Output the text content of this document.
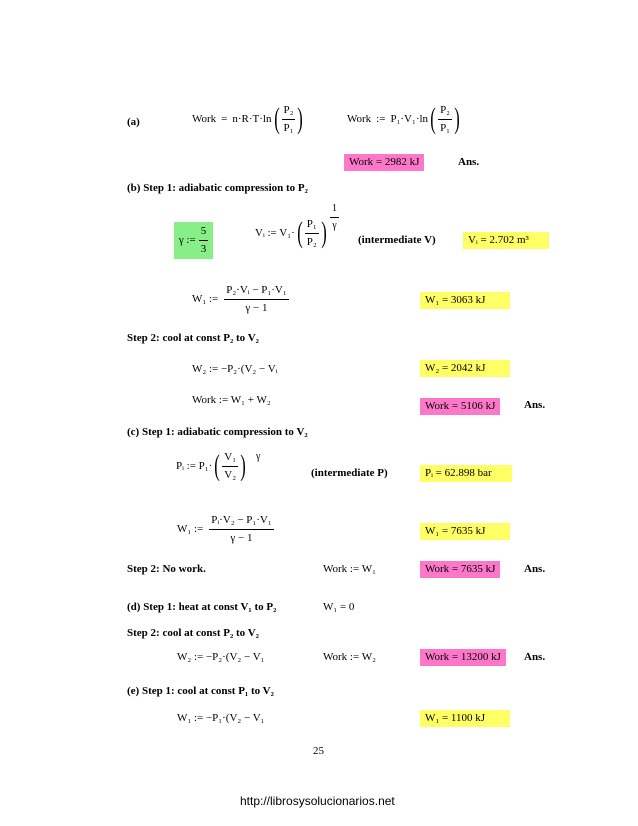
(a)	Work = n·R·T·ln ( $\frac{\text{P₂}}{\text{P₁}}$ )	Work := P₁·V₁·ln ( $\frac{\text{P₂}}{\text{P₁}}$ )
Work = 2982 kJ	Ans.
(b) Step 1: adiabatic compression to P₂
γ := $\frac{5}{3}$	Vᵢ := V₁· ( $\frac{\text{P₁}}{\text{P₂}}$ ) $\frac{1}{\gamma}$
(intermediate V)	Vᵢ = 2.702 m³
W₁ := $\frac{\text{P₂·Vᵢ − P₁·V₁}}{\gamma - 1}$	W₁ = 3063 kJ
Step 2: cool at const P₂ to V₂
W₂ := −P₂·(V₂ − Vᵢ	W₂ = 2042 kJ
Work := W₁ + W₂	Work = 5106 kJ	Ans.
(c) Step 1: adiabatic compression to V₂
Pᵢ := P₁· ( $\frac{\text{V₁}}{\text{V₂}}$ ) γ
(intermediate P)	Pᵢ = 62.898 bar
W₁ := $\frac{\text{Pᵢ·V₂ − P₁·V₁}}{\gamma - 1}$	W₁ = 7635 kJ
Step 2: No work.	Work := W₁	Work = 7635 kJ	Ans.
(d) Step 1: heat at const V₁ to P₂	W₁ = 0
Step 2: cool at const P₂ to V₂
W₂ := −P₂·(V₂ − V₁	Work := W₂	Work = 13200 kJ	Ans.
(e) Step 1: cool at const P₁ to V₂
W₁ := −P₁·(V₂ − V₁	W₁ = 1100 kJ
25
http://librosysolucionarios.net
